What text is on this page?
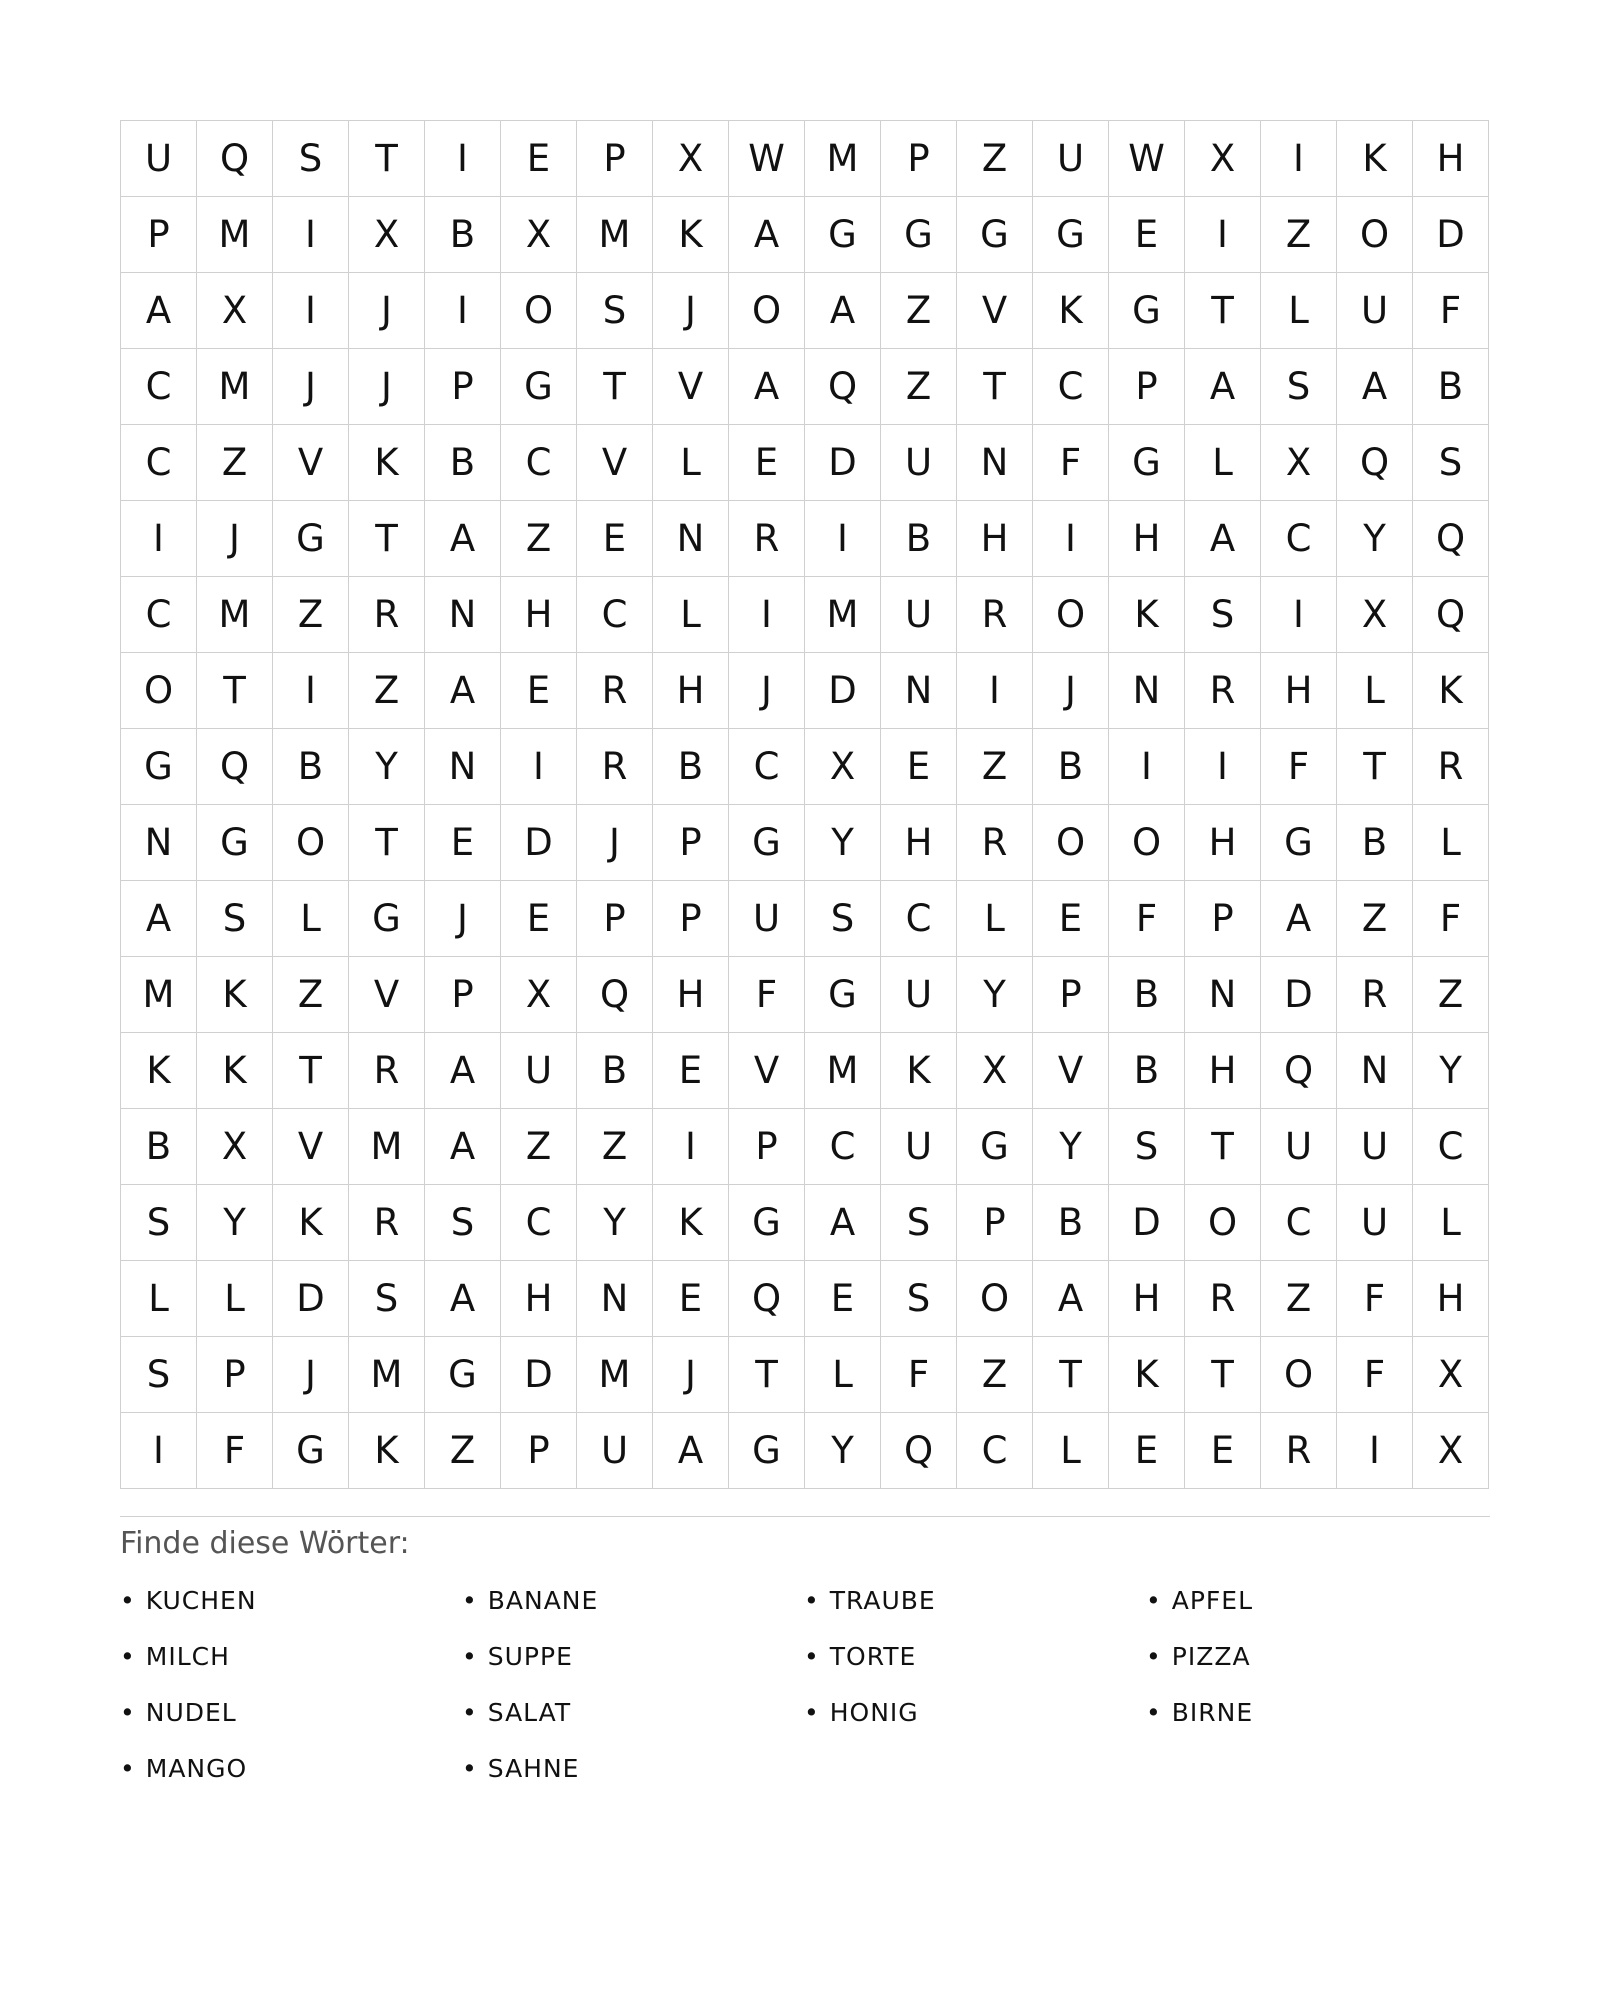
U	Q	S	T	I	E	P	X	W	M	P	Z	U	W	X	I	K	H
P	M	I	X	B	X	M	K	A	G	G	G	G	E	I	Z	O	D
A	X	I	J	I	O	S	J	O	A	Z	V	K	G	T	L	U	F
C	M	J	J	P	G	T	V	A	Q	Z	T	C	P	A	S	A	B
C	Z	V	K	B	C	V	L	E	D	U	N	F	G	L	X	Q	S
I	J	G	T	A	Z	E	N	R	I	B	H	I	H	A	C	Y	Q
C	M	Z	R	N	H	C	L	I	M	U	R	O	K	S	I	X	Q
O	T	I	Z	A	E	R	H	J	D	N	I	J	N	R	H	L	K
G	Q	B	Y	N	I	R	B	C	X	E	Z	B	I	I	F	T	R
N	G	O	T	E	D	J	P	G	Y	H	R	O	O	H	G	B	L
A	S	L	G	J	E	P	P	U	S	C	L	E	F	P	A	Z	F
M	K	Z	V	P	X	Q	H	F	G	U	Y	P	B	N	D	R	Z
K	K	T	R	A	U	B	E	V	M	K	X	V	B	H	Q	N	Y
B	X	V	M	A	Z	Z	I	P	C	U	G	Y	S	T	U	U	C
S	Y	K	R	S	C	Y	K	G	A	S	P	B	D	O	C	U	L
L	L	D	S	A	H	N	E	Q	E	S	O	A	H	R	Z	F	H
S	P	J	M	G	D	M	J	T	L	F	Z	T	K	T	O	F	X
I	F	G	K	Z	P	U	A	G	Y	Q	C	L	E	E	R	I	X
Finde diese Wörter:
• KUCHEN	• BANANE	• TRAUBE	• APFEL
• MILCH	• SUPPE	• TORTE	• PIZZA
• NUDEL	• SALAT	• HONIG	• BIRNE
• MANGO	• SAHNE
